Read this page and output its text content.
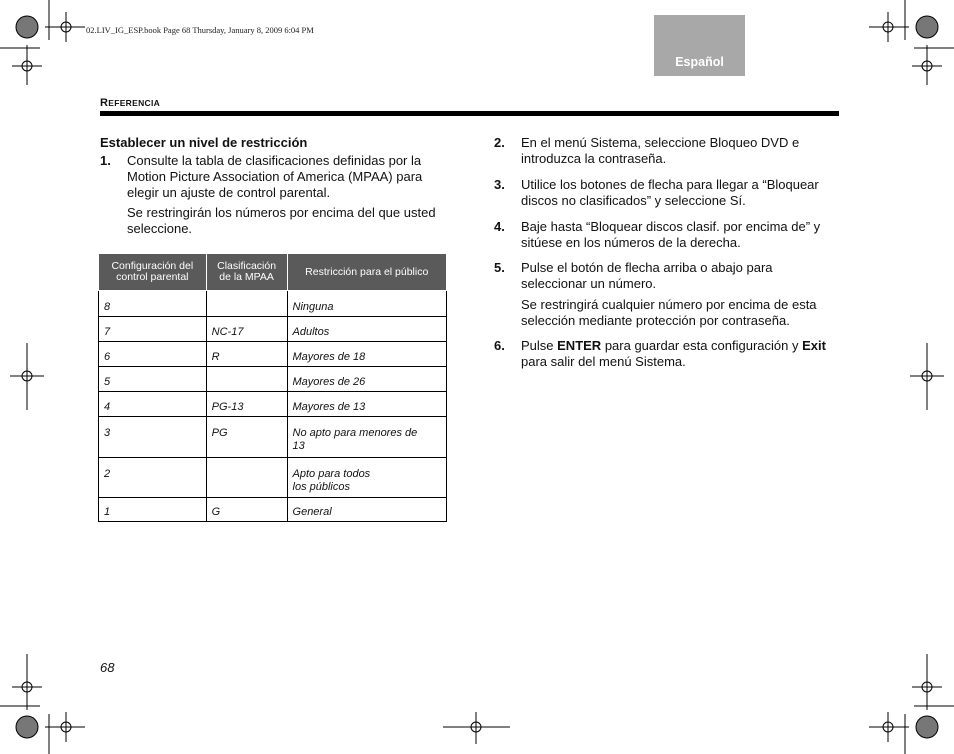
02.LIV_IG_ESP.book Page 68 Thursday, January 8, 2009 6:04 PM
Español
REFERENCIA
Establecer un nivel de restricción
1. Consulte la tabla de clasificaciones definidas por la Motion Picture Association of America (MPAA) para elegir un ajuste de control parental.
Se restringirán los números por encima del que usted seleccione.
Configuración del control parental	Clasificación de la MPAA	Restricción para el público
8		Ninguna
7	NC-17	Adultos
6	R	Mayores de 18
5		Mayores de 26
4	PG-13	Mayores de 13
3	PG	No apto para menores de 13
2		Apto para todos los públicos
1	G	General
2. En el menú Sistema, seleccione Bloqueo DVD e introduzca la contraseña.
3. Utilice los botones de flecha para llegar a “Bloquear discos no clasificados” y seleccione Sí.
4. Baje hasta “Bloquear discos clasif. por encima de” y sitúese en los números de la derecha.
5. Pulse el botón de flecha arriba o abajo para seleccionar un número.
Se restringirá cualquier número por encima de esta selección mediante protección por contraseña.
6. Pulse ENTER para guardar esta configuración y Exit para salir del menú Sistema.
68
